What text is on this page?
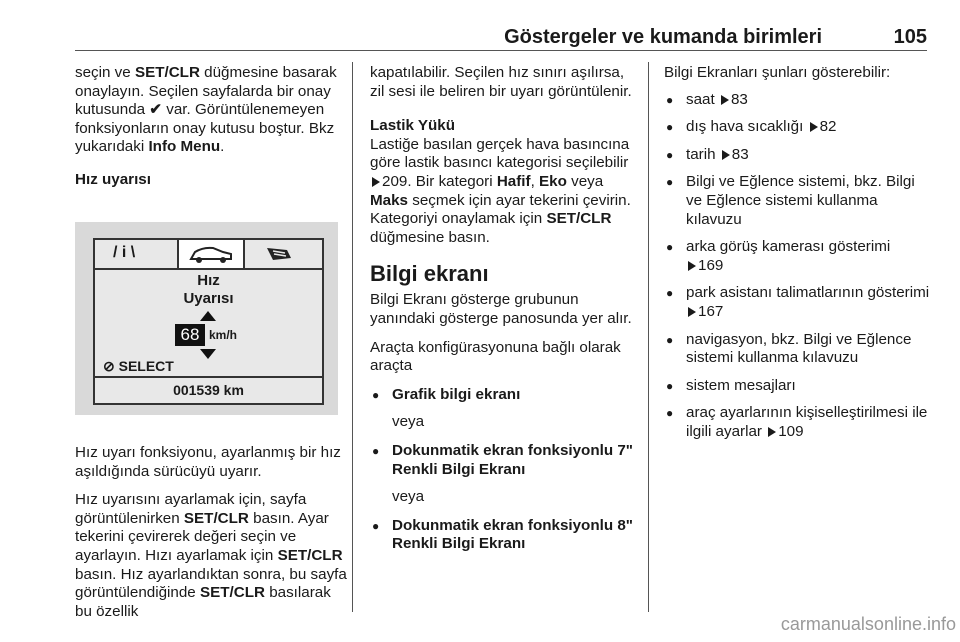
Göstergeler ve kumanda birimleri	105

seçin ve SET/CLR düğmesine basarak onaylayın. Seçilen sayfalarda bir onay kutusunda ✔ var. Görüntülenemeyen fonksiyonların onay kutusu boştur. Bkz yukarıdaki Info Menu.

Hız uyarısı

/ i \
Hız
Uyarısı
68 km/h
⊘ SELECT
001539 km

Hız uyarı fonksiyonu, ayarlanmış bir hız aşıldığında sürücüyü uyarır.

Hız uyarısını ayarlamak için, sayfa görüntülenirken SET/CLR basın. Ayar tekerini çevirerek değeri seçin ve ayarlayın. Hızı ayarlamak için SET/CLR basın. Hız ayarlandıktan sonra, bu sayfa görüntülendiğinde SET/CLR basılarak bu özellik

kapatılabilir. Seçilen hız sınırı aşılırsa, zil sesi ile beliren bir uyarı görüntülenir.

Lastik Yükü
Lastiğe basılan gerçek hava basıncına göre lastik basıncı kategorisi seçilebilir 209. Bir kategori Hafif, Eko veya Maks seçmek için ayar tekerini çevirin.

Kategoriyi onaylamak için SET/CLR düğmesine basın.

Bilgi ekranı

Bilgi Ekranı gösterge grubunun yanındaki gösterge panosunda yer alır.

Araçta konfigürasyonuna bağlı olarak araçta

● Grafik bilgi ekranı

veya

● Dokunmatik ekran fonksiyonlu 7" Renkli Bilgi Ekranı

veya

● Dokunmatik ekran fonksiyonlu 8" Renkli Bilgi Ekranı

Bilgi Ekranları şunları gösterebilir:

● saat 83
● dış hava sıcaklığı 82
● tarih 83
● Bilgi ve Eğlence sistemi, bkz. Bilgi ve Eğlence sistemi kullanma kılavuzu
● arka görüş kamerası gösterimi 169
● park asistanı talimatlarının gösterimi 167
● navigasyon, bkz. Bilgi ve Eğlence sistemi kullanma kılavuzu
● sistem mesajları
● araç ayarlarının kişiselleştirilmesi ile ilgili ayarlar 109
carmanualsonline.info
